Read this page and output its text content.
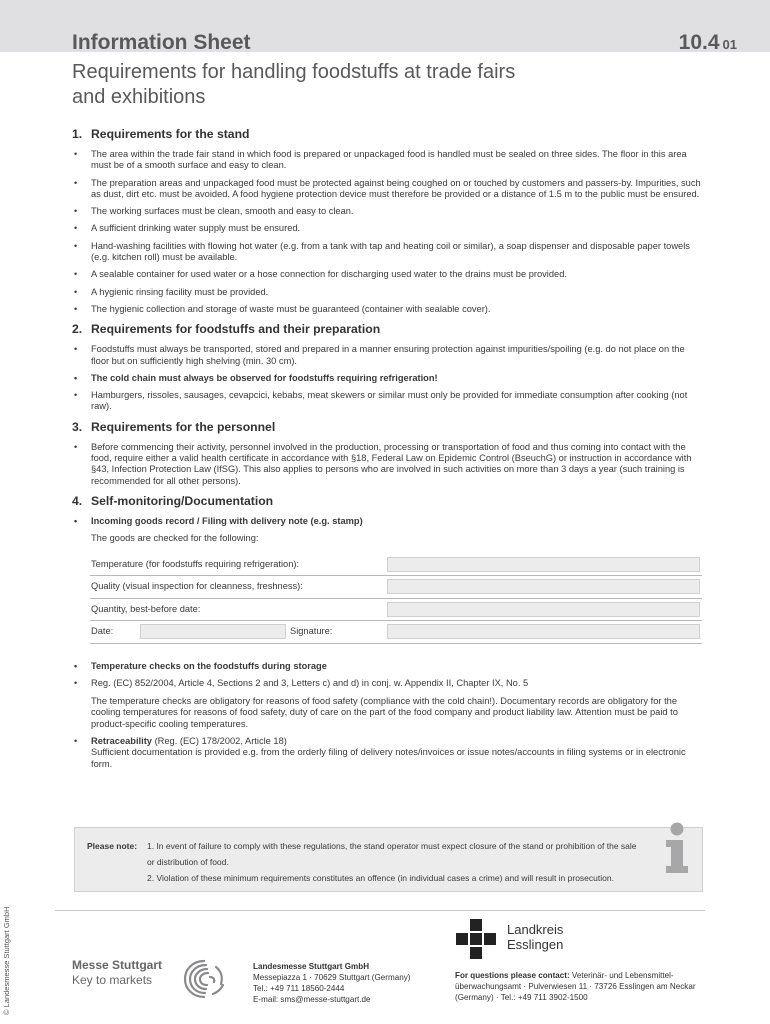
Information Sheet	10.4 01
Requirements for handling foodstuffs at trade fairs and exhibitions
1. Requirements for the stand
• The area within the trade fair stand in which food is prepared or unpackaged food is handled must be sealed on three sides. The floor in this area must be of a smooth surface and easy to clean.
• The preparation areas and unpackaged food must be protected against being coughed on or touched by customers and passers-by. Impurities, such as dust, dirt etc. must be avoided. A food hygiene protection device must therefore be provided or a distance of 1.5 m to the public must be ensured.
• The working surfaces must be clean, smooth and easy to clean.
• A sufficient drinking water supply must be ensured.
• Hand-washing facilities with flowing hot water (e.g. from a tank with tap and heating coil or similar), a soap dispenser and disposable paper towels (e.g. kitchen roll) must be available.
• A sealable container for used water or a hose connection for discharging used water to the drains must be provided.
• A hygienic rinsing facility must be provided.
• The hygienic collection and storage of waste must be guaranteed (container with sealable cover).
2. Requirements for foodstuffs and their preparation
• Foodstuffs must always be transported, stored and prepared in a manner ensuring protection against impurities/spoiling (e.g. do not place on the floor but on sufficiently high shelving (min. 30 cm).
• The cold chain must always be observed for foodstuffs requiring refrigeration!
• Hamburgers, rissoles, sausages, cevapcici, kebabs, meat skewers or similar must only be provided for immediate consumption after cooking (not raw).
3. Requirements for the personnel
• Before commencing their activity, personnel involved in the production, processing or transportation of food and thus coming into contact with the food, require either a valid health certificate in accordance with §18, Federal Law on Epidemic Control (BseuchG) or instruction in accordance with §43, Infection Protection Law (IfSG). This also applies to persons who are involved in such activities on more than 3 days a year (such training is recommended for all other persons).
4. Self-monitoring/Documentation
• Incoming goods record / Filing with delivery note (e.g. stamp)
The goods are checked for the following:
Temperature (for foodstuffs requiring refrigeration):
Quality (visual inspection for cleanness, freshness):
Quantity, best-before date:
Date:	Signature:
• Temperature checks on the foodstuffs during storage
• Reg. (EC) 852/2004, Article 4, Sections 2 and 3, Letters c) and d) in conj. w. Appendix II, Chapter IX, No. 5

The temperature checks are obligatory for reasons of food safety (compliance with the cold chain!). Documentary records are obligatory for the cooling temperatures for reasons of food safety, duty of care on the part of the food company and product liability law. Attention must be paid to product-specific cooling temperatures.
• Retraceability (Reg. (EC) 178/2002, Article 18)
Sufficient documentation is provided e.g. from the orderly filing of delivery notes/invoices or issue notes/accounts in filing systems or in electronic form.
Please note: 1. In event of failure to comply with these regulations, the stand operator must expect closure of the stand or prohibition of the sale or distribution of food.
2. Violation of these minimum requirements constitutes an offence (in individual cases a crime) and will result in prosecution.
© Landesmesse Stuttgart GmbH	Landkreis
Esslingen
Messe Stuttgart
Key to markets
Landesmesse Stuttgart GmbH
Messepiazza 1 · 70629 Stuttgart (Germany)
Tel.: +49 711 18560-2444
E-mail: sms@messe-stuttgart.de
For questions please contact: Veterinär- und Lebensmittel-
überwachungsamt · Pulverwiesen 11 · 73726 Esslingen am Neckar
(Germany) · Tel.: +49 711 3902-1500
